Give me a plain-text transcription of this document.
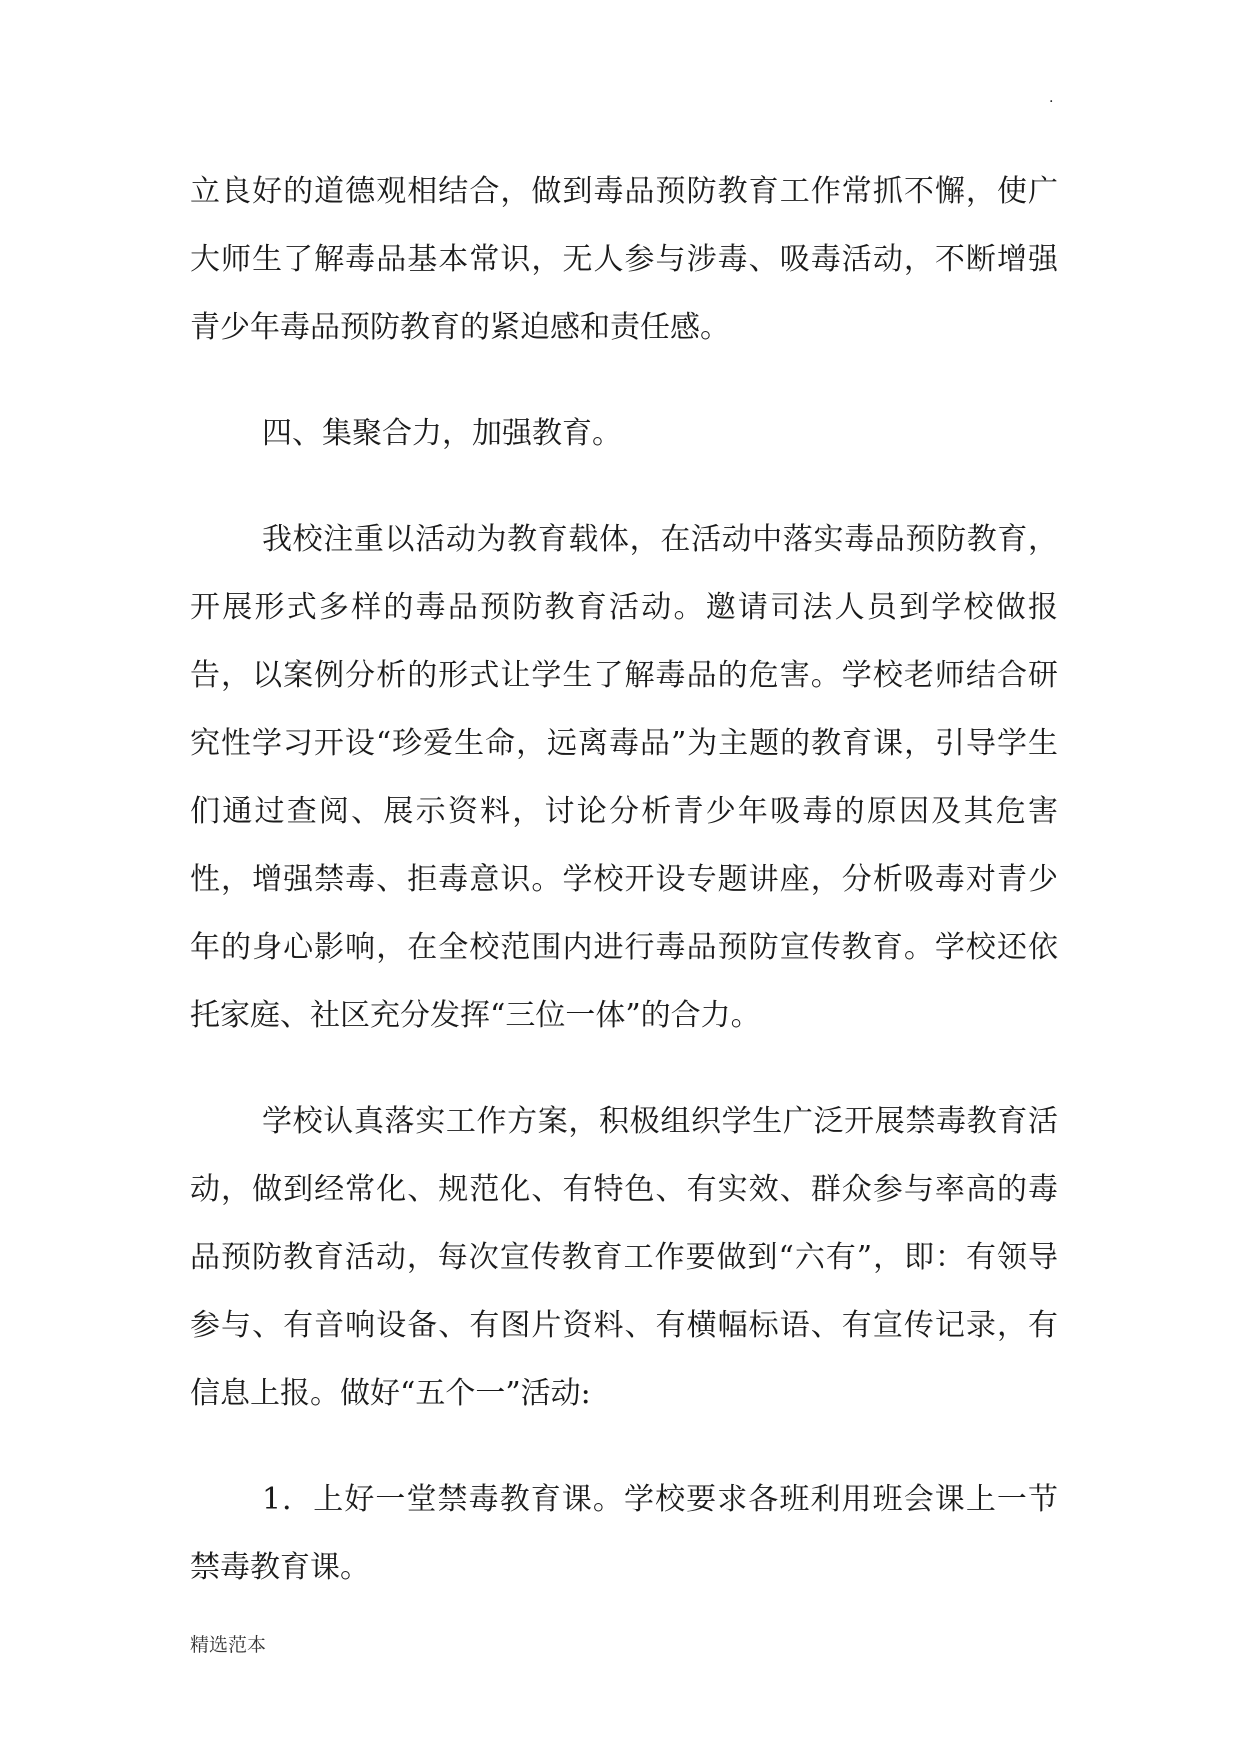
.

立良好的道德观相结合，做到毒品预防教育工作常抓不懈，使广大师生了解毒品基本常识，无人参与涉毒、吸毒活动，不断增强青少年毒品预防教育的紧迫感和责任感。

四、集聚合力，加强教育。

我校注重以活动为教育载体，在活动中落实毒品预防教育，开展形式多样的毒品预防教育活动。邀请司法人员到学校做报告，以案例分析的形式让学生了解毒品的危害。学校老师结合研究性学习开设“珍爱生命，远离毒品”为主题的教育课，引导学生们通过查阅、展示资料，讨论分析青少年吸毒的原因及其危害性，增强禁毒、拒毒意识。学校开设专题讲座，分析吸毒对青少年的身心影响，在全校范围内进行毒品预防宣传教育。学校还依托家庭、社区充分发挥“三位一体”的合力。

学校认真落实工作方案，积极组织学生广泛开展禁毒教育活动，做到经常化、规范化、有特色、有实效、群众参与率高的毒品预防教育活动，每次宣传教育工作要做到“六有”，即：有领导参与、有音响设备、有图片资料、有横幅标语、有宣传记录，有信息上报。做好“五个一”活动:

1．上好一堂禁毒教育课。学校要求各班利用班会课上一节禁毒教育课。

精选范本
